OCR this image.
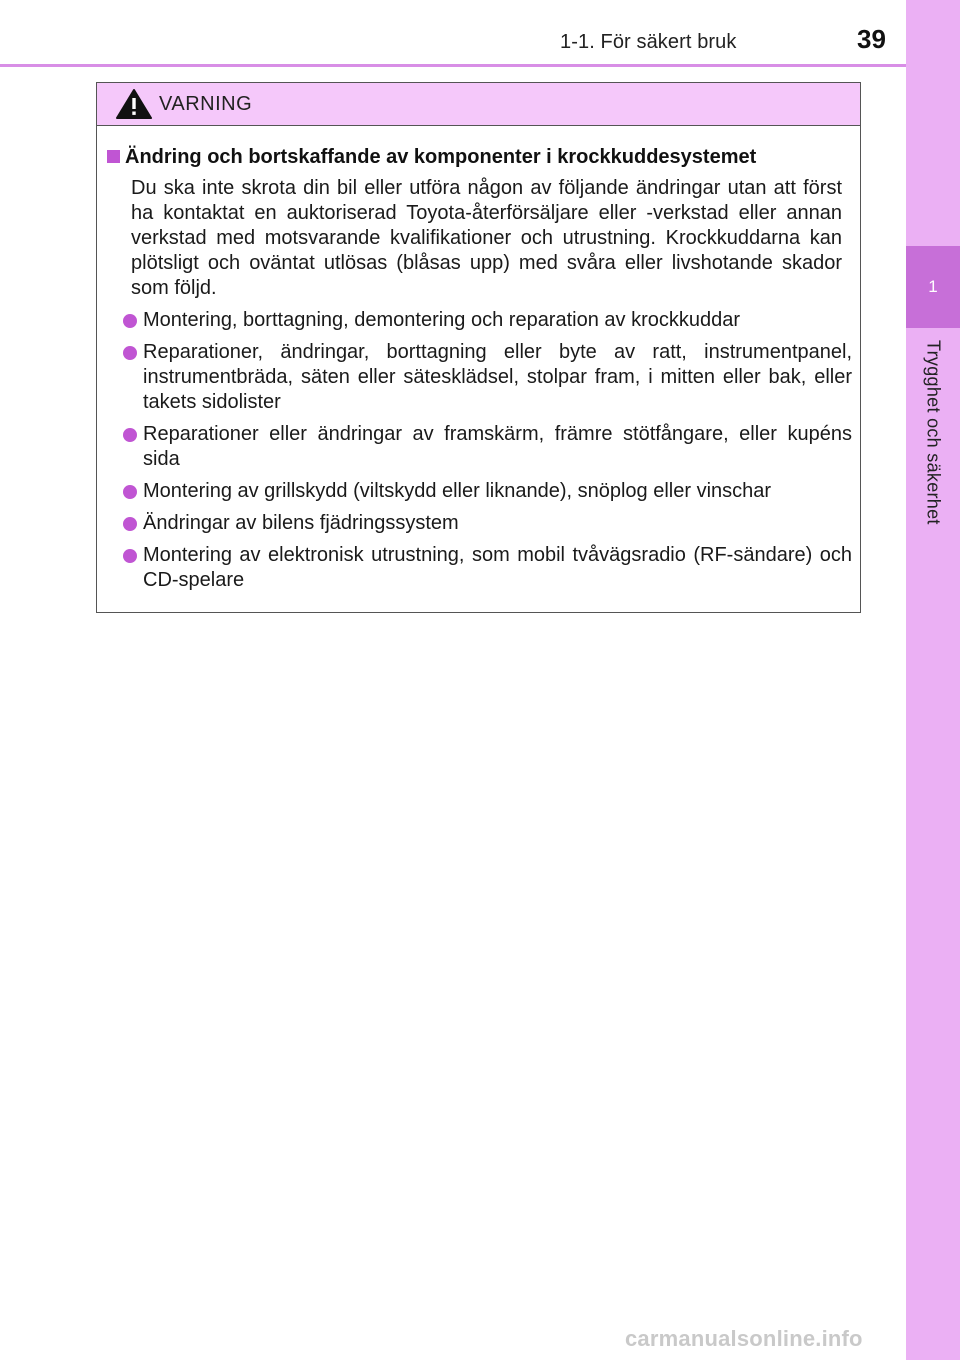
1-1. För säkert bruk	39
1
Trygghet och säkerhet
VARNING
Ändring och bortskaffande av komponenter i krockkuddesystemet

Du ska inte skrota din bil eller utföra någon av följande ändringar utan att först ha kontaktat en auktoriserad Toyota-återförsäljare eller -verkstad eller annan verkstad med motsvarande kvalifikationer och utrustning. Krockkuddarna kan plötsligt och oväntat utlösas (blåsas upp) med svåra eller livshotande skador som följd.

Montering, borttagning, demontering och reparation av krockkuddar
Reparationer, ändringar, borttagning eller byte av ratt, instrumentpanel, instrumentbräda, säten eller sätesklädsel, stolpar fram, i mitten eller bak, eller takets sidolister
Reparationer eller ändringar av framskärm, främre stötfångare, eller kupéns sida
Montering av grillskydd (viltskydd eller liknande), snöplog eller vinschar
Ändringar av bilens fjädringssystem
Montering av elektronisk utrustning, som mobil tvåvägsradio (RF-sändare) och CD-spelare
carmanualsonline.info
